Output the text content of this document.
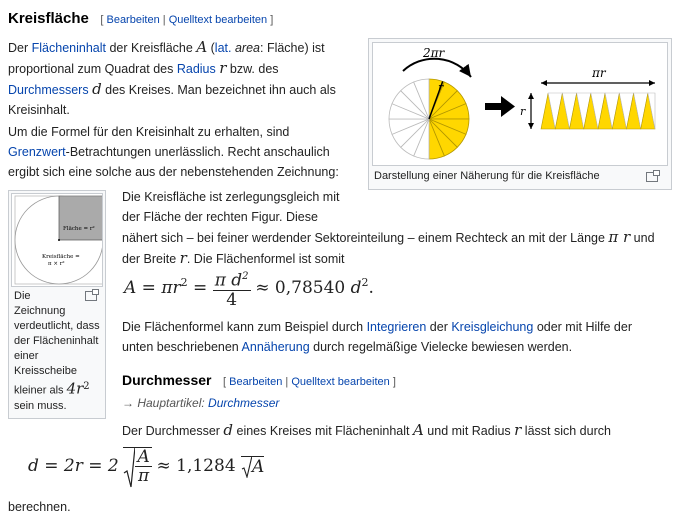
Kreisfläche [ Bearbeiten | Quelltext bearbeiten ]

Der Flächeninhalt der Kreisfläche A (lat. area: Fläche) ist

proportional zum Quadrat des Radius r bzw. des

Durchmessers d des Kreises. Man bezeichnet ihn auch als

Kreisinhalt.

Um die Formel für den Kreisinhalt zu erhalten, sind

Grenzwert-Betrachtungen unerlässlich. Recht anschaulich

ergibt sich eine solche aus der nebenstehenden Zeichnung:

2πr
r
πr
r
Darstellung einer Näherung für die Kreisfläche
Fläche = r²
Kreisfläche =
π × r²
Die
Zeichnung
verdeutlicht, dass
der Flächeninhalt
einer
Kreisscheibe
kleiner als $4r^2$
sein muss.

Die Kreisfläche ist zerlegungsgleich mit

der Fläche der rechten Figur. Diese

nähert sich – bei feiner werdender Sektoreinteilung – einem Rechteck an mit der Länge π r und

der Breite r. Die Flächenformel ist somit

$A = \pi r^2 = \frac{\pi d^2}{4} \approx 0,78540$ $d^2$.

Die Flächenformel kann zum Beispiel durch Integrieren der Kreisgleichung oder mit Hilfe der

unten beschriebenen Annäherung durch regelmäßige Vielecke bewiesen werden.

Durchmesser [ Bearbeiten | Quelltext bearbeiten ]
→ Hauptartikel: Durchmesser

Der Durchmesser d eines Kreises mit Flächeninhalt A und mit Radius r lässt sich durch

$d = 2r = 2 \frac{A}{\pi} \approx 1,1284$
A

berechnen.
